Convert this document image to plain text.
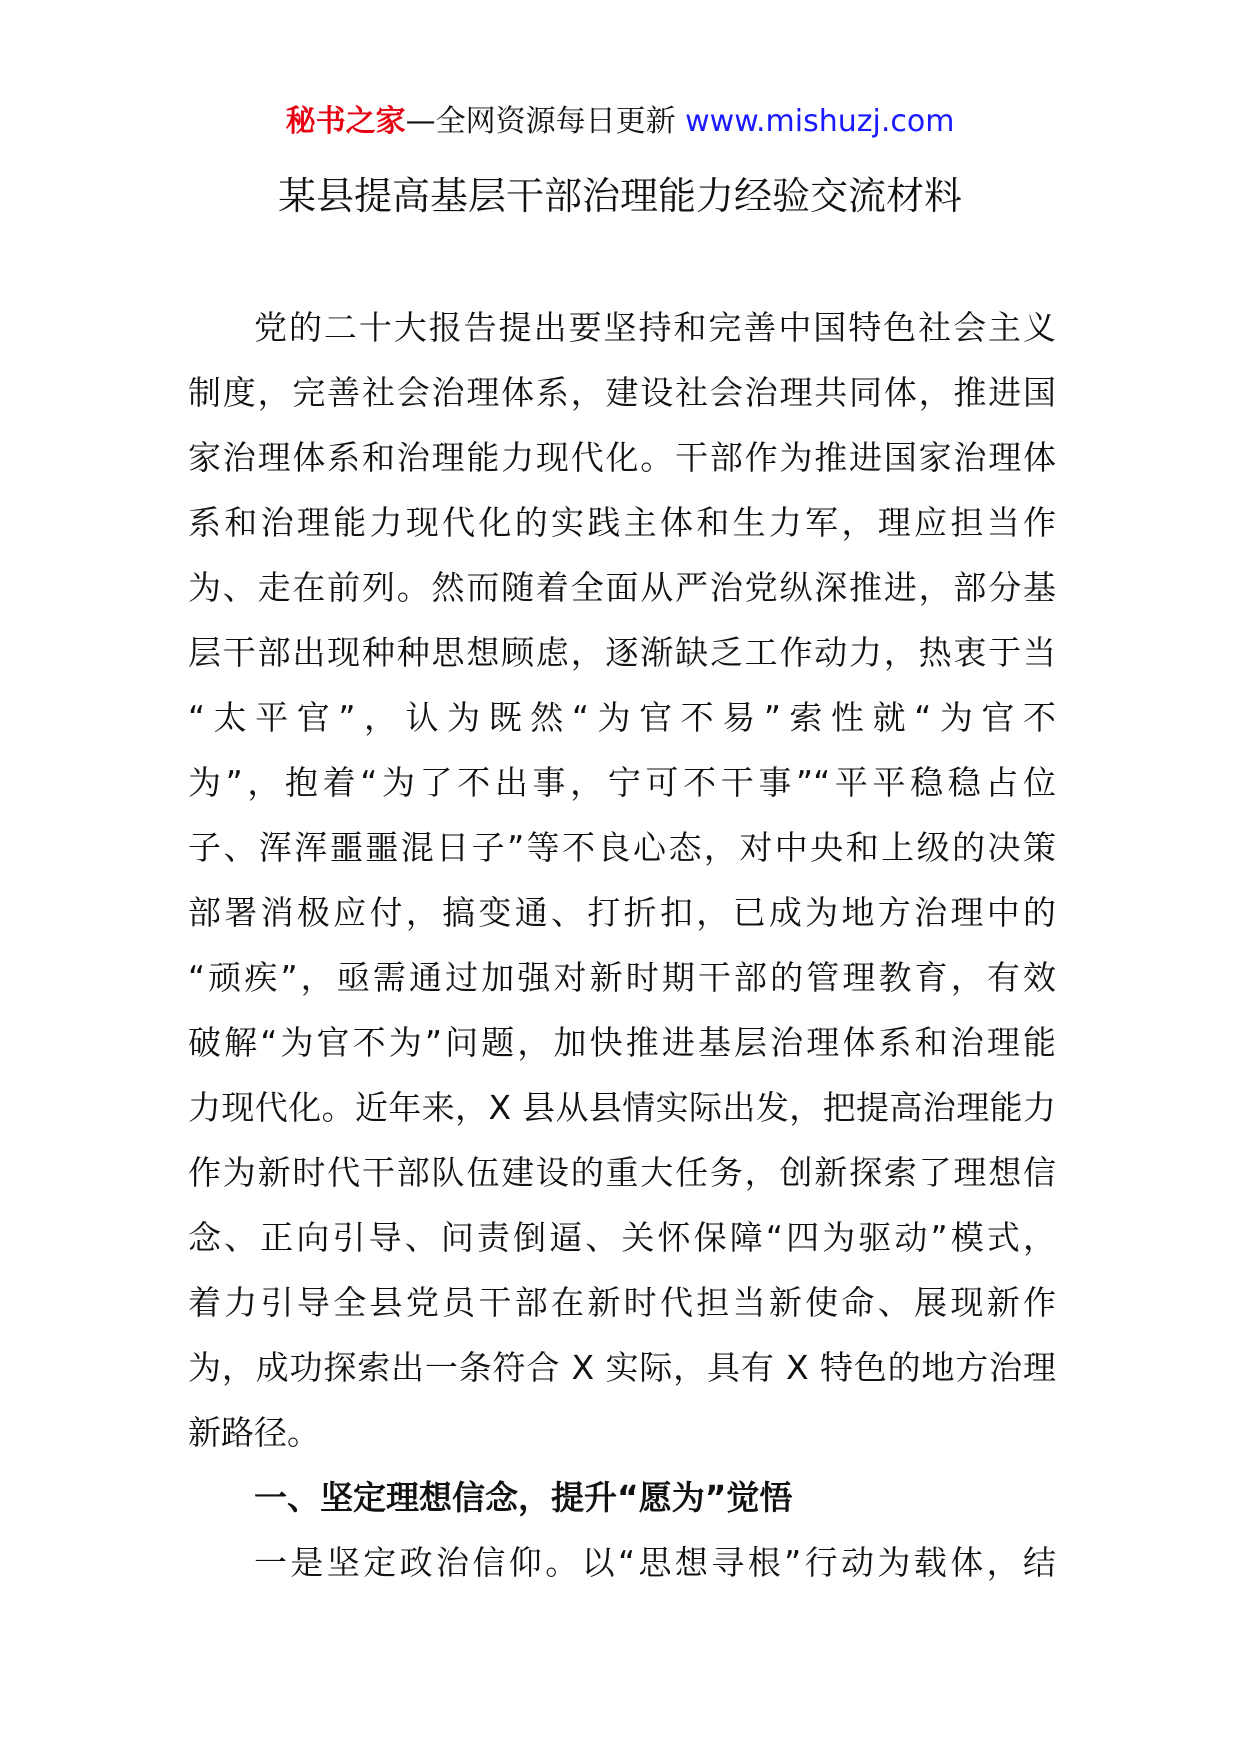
秘书之家—全网资源每日更新 www.mishuzj.com
某县提高基层干部治理能力经验交流材料
党的二十大报告提出要坚持和完善中国特色社会主义
制度，完善社会治理体系，建设社会治理共同体，推进国
家治理体系和治理能力现代化。干部作为推进国家治理体
系和治理能力现代化的实践主体和生力军，理应担当作
为、走在前列。然而随着全面从严治党纵深推进，部分基
层干部出现种种思想顾虑，逐渐缺乏工作动力，热衷于当
“太平官”，认为既然“为官不易”索性就“为官不
为”，抱着“为了不出事，宁可不干事”“平平稳稳占位
子、浑浑噩噩混日子”等不良心态，对中央和上级的决策
部署消极应付，搞变通、打折扣，已成为地方治理中的
“顽疾”，亟需通过加强对新时期干部的管理教育，有效
破解“为官不为”问题，加快推进基层治理体系和治理能
力现代化。近年来，X 县从县情实际出发，把提高治理能力
作为新时代干部队伍建设的重大任务，创新探索了理想信
念、正向引导、问责倒逼、关怀保障“四为驱动”模式，
着力引导全县党员干部在新时代担当新使命、展现新作
为，成功探索出一条符合 X 实际，具有 X 特色的地方治理
新路径。
一、坚定理想信念，提升“愿为”觉悟
一是坚定政治信仰。以“思想寻根”行动为载体，结
